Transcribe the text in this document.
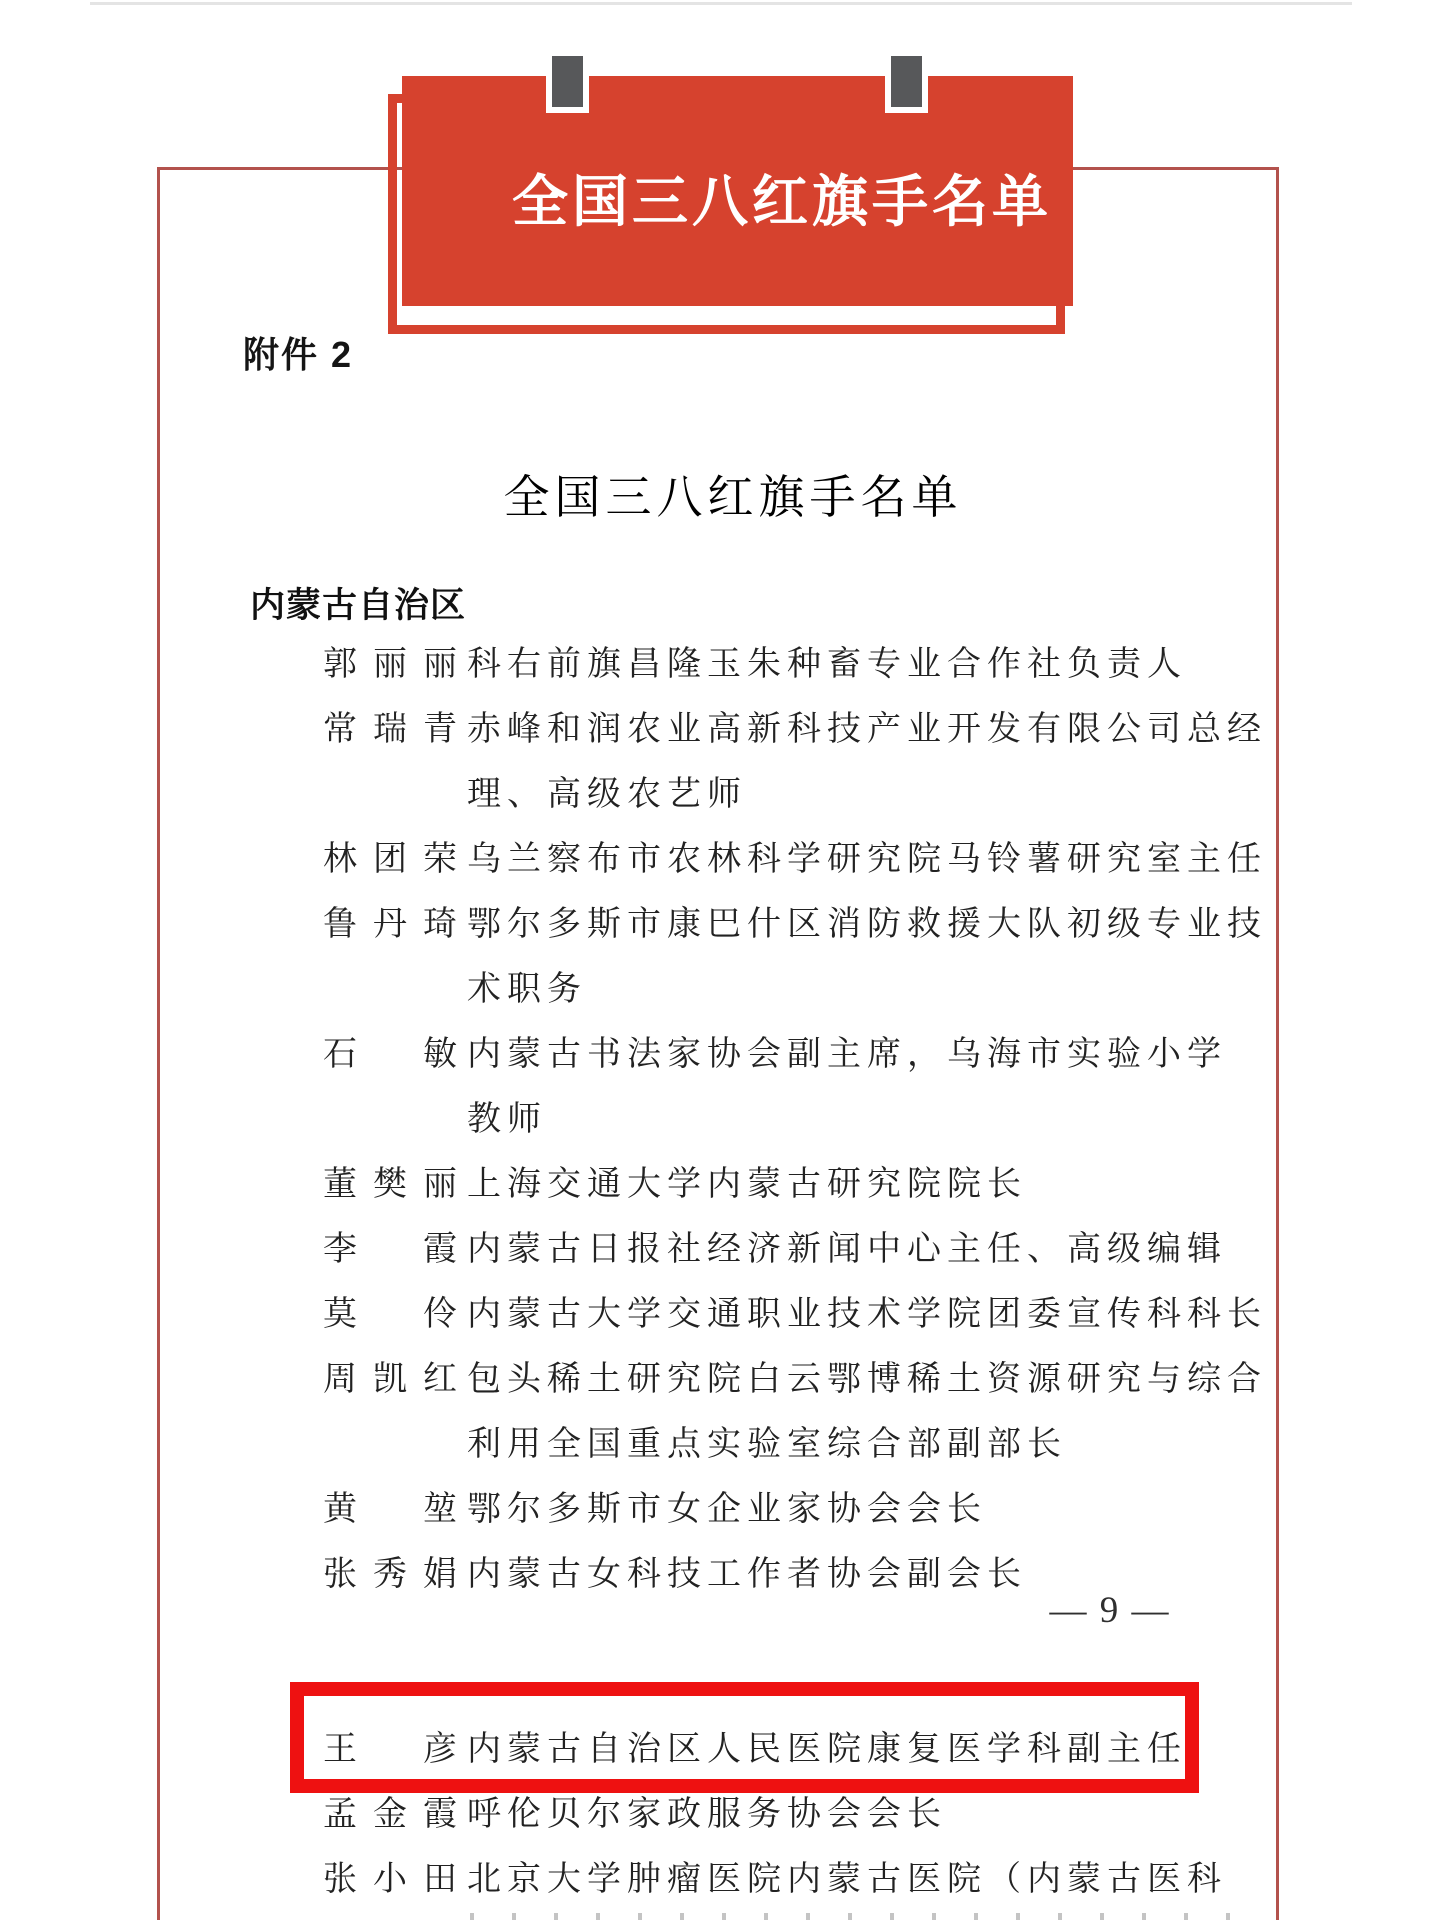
全国三八红旗手名单
附件 2
全国三八红旗手名单
内蒙古自治区
郭 丽 丽 科右前旗昌隆玉朱种畜专业合作社负责人
常 瑞 青 赤峰和润农业高新科技产业开发有限公司总经
理、高级农艺师
林 团 荣 乌兰察布市农林科学研究院马铃薯研究室主任
鲁 丹 琦 鄂尔多斯市康巴什区消防救援大队初级专业技
术职务
石 敏 内蒙古书法家协会副主席，乌海市实验小学
教师
董 樊 丽 上海交通大学内蒙古研究院院长
李 霞 内蒙古日报社经济新闻中心主任、高级编辑
莫 伶 内蒙古大学交通职业技术学院团委宣传科科长
周 凯 红 包头稀土研究院白云鄂博稀土资源研究与综合
利用全国重点实验室综合部副部长
黄 堃 鄂尔多斯市女企业家协会会长
张 秀 娟 内蒙古女科技工作者协会副会长
— 9 —
王 彦 内蒙古自治区人民医院康复医学科副主任
孟 金 霞 呼伦贝尔家政服务协会会长
张 小 田 北京大学肿瘤医院内蒙古医院（内蒙古医科
